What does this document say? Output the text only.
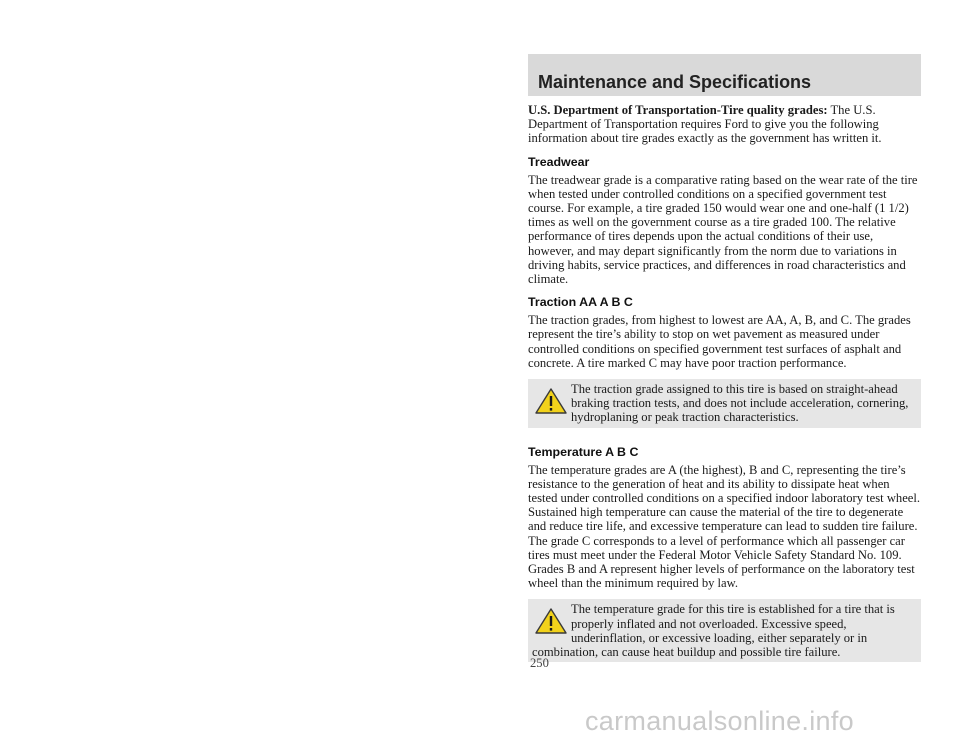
Maintenance and Specifications

U.S. Department of Transportation-Tire quality grades: The U.S. Department of Transportation requires Ford to give you the following information about tire grades exactly as the government has written it.

Treadwear

The treadwear grade is a comparative rating based on the wear rate of the tire when tested under controlled conditions on a specified government test course. For example, a tire graded 150 would wear one and one-half (1 1/2) times as well on the government course as a tire graded 100. The relative performance of tires depends upon the actual conditions of their use, however, and may depart significantly from the norm due to variations in driving habits, service practices, and differences in road characteristics and climate.

Traction AA A B C

The traction grades, from highest to lowest are AA, A, B, and C. The grades represent the tire’s ability to stop on wet pavement as measured under controlled conditions on specified government test surfaces of asphalt and concrete. A tire marked C may have poor traction performance.

The traction grade assigned to this tire is based on straight-ahead braking traction tests, and does not include acceleration, cornering, hydroplaning or peak traction characteristics.
Temperature A B C

The temperature grades are A (the highest), B and C, representing the tire’s resistance to the generation of heat and its ability to dissipate heat when tested under controlled conditions on a specified indoor laboratory test wheel. Sustained high temperature can cause the material of the tire to degenerate and reduce tire life, and excessive temperature can lead to sudden tire failure. The grade C corresponds to a level of performance which all passenger car tires must meet under the Federal Motor Vehicle Safety Standard No. 109. Grades B and A represent higher levels of performance on the laboratory test wheel than the minimum required by law.

The temperature grade for this tire is established for a tire that is properly inflated and not overloaded. Excessive speed, underinflation, or excessive loading, either separately or in combination, can cause heat buildup and possible tire failure.
250
carmanualsonline.info
